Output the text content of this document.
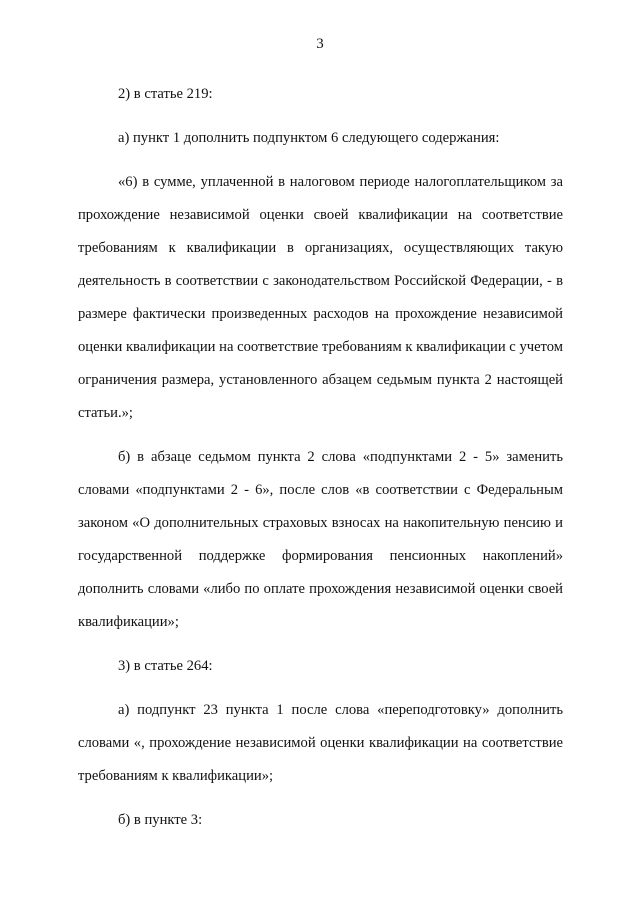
3

2) в статье 219:

а) пункт 1 дополнить подпунктом 6 следующего содержания:

«6) в сумме, уплаченной в налоговом периоде налогоплательщиком за прохождение независимой оценки своей квалификации на соответствие требованиям к квалификации в организациях, осуществляющих такую деятельность в соответствии с законодательством Российской Федерации, - в размере фактически произведенных расходов на прохождение независимой оценки квалификации на соответствие требованиям к квалификации с учетом ограничения размера, установленного абзацем седьмым пункта 2 настоящей статьи.»;

б) в абзаце седьмом пункта 2 слова «подпунктами 2 - 5» заменить словами «подпунктами 2 - 6», после слов «в соответствии с Федеральным законом «О дополнительных страховых взносах на накопительную пенсию и государственной поддержке формирования пенсионных накоплений» дополнить словами «либо по оплате прохождения независимой оценки своей квалификации»;

3) в статье 264:

а) подпункт 23 пункта 1 после слова «переподготовку» дополнить словами «, прохождение независимой оценки квалификации на соответствие требованиям к квалификации»;

б) в пункте 3:
